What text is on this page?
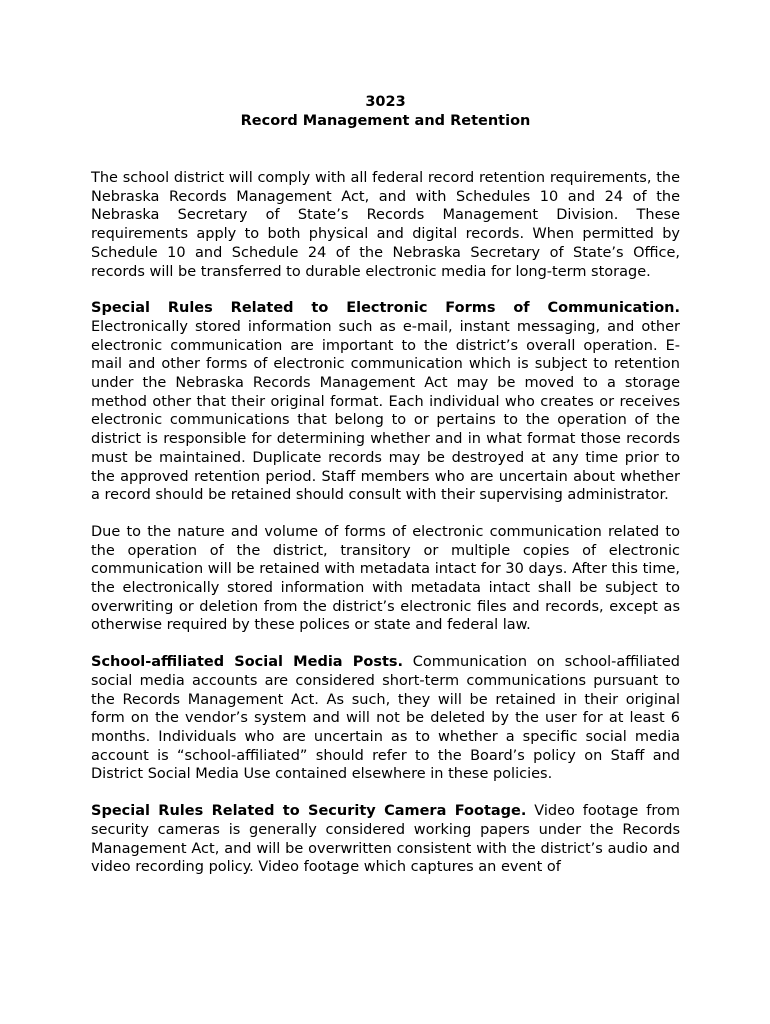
3023
Record Management and Retention

The school district will comply with all federal record retention requirements, the Nebraska Records Management Act, and with Schedules 10 and 24 of the Nebraska Secretary of State’s Records Management Division. These requirements apply to both physical and digital records. When permitted by Schedule 10 and Schedule 24 of the Nebraska Secretary of State’s Office, records will be transferred to durable electronic media for long-term storage.

Special Rules Related to Electronic Forms of Communication. Electronically stored information such as e-mail, instant messaging, and other electronic communication are important to the district’s overall operation. E-mail and other forms of electronic communication which is subject to retention under the Nebraska Records Management Act may be moved to a storage method other that their original format. Each individual who creates or receives electronic communications that belong to or pertains to the operation of the district is responsible for determining whether and in what format those records must be maintained. Duplicate records may be destroyed at any time prior to the approved retention period. Staff members who are uncertain about whether a record should be retained should consult with their supervising administrator.

Due to the nature and volume of forms of electronic communication related to the operation of the district, transitory or multiple copies of electronic communication will be retained with metadata intact for 30 days. After this time, the electronically stored information with metadata intact shall be subject to overwriting or deletion from the district’s electronic files and records, except as otherwise required by these polices or state and federal law.

School-affiliated Social Media Posts. Communication on school-affiliated social media accounts are considered short-term communications pursuant to the Records Management Act. As such, they will be retained in their original form on the vendor’s system and will not be deleted by the user for at least 6 months. Individuals who are uncertain as to whether a specific social media account is “school-affiliated” should refer to the Board’s policy on Staff and District Social Media Use contained elsewhere in these policies.

Special Rules Related to Security Camera Footage. Video footage from security cameras is generally considered working papers under the Records Management Act, and will be overwritten consistent with the district’s audio and video recording policy. Video footage which captures an event of
